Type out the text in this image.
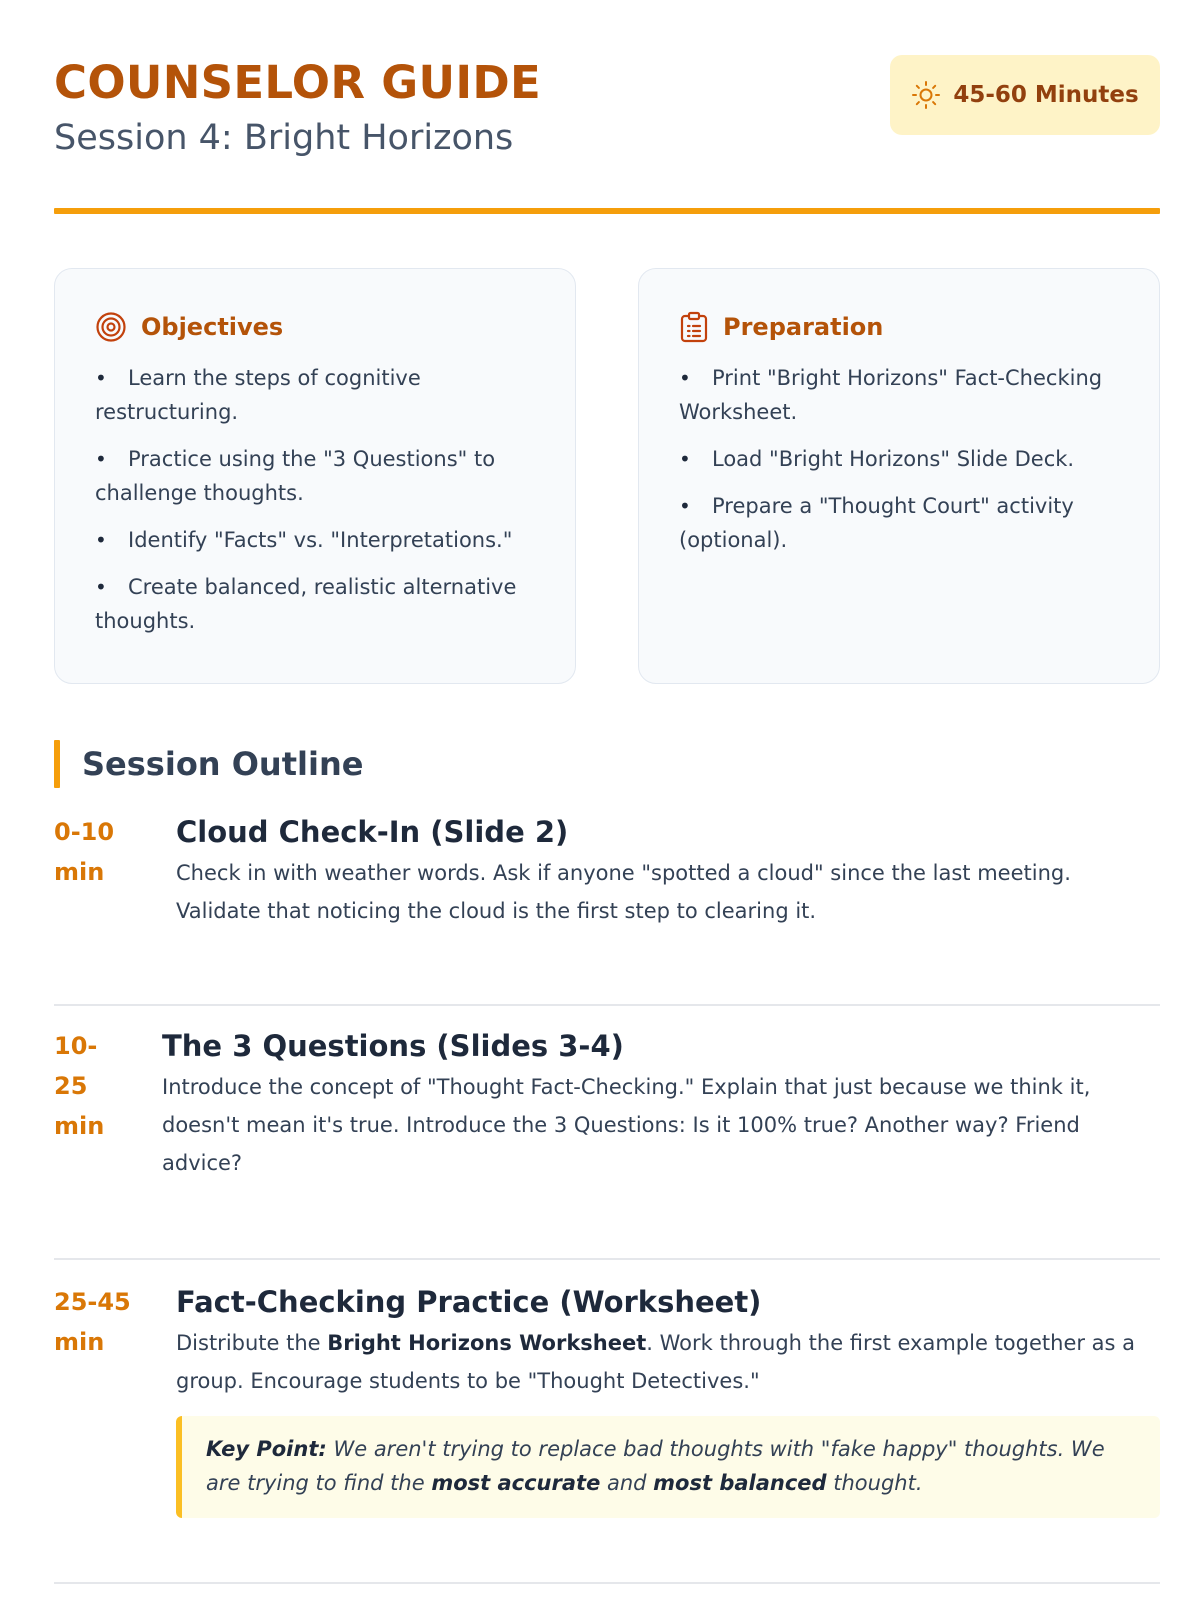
COUNSELOR GUIDE
Session 4: Bright Horizons
45-60 Minutes
Objectives
• Learn the steps of cognitive restructuring.
• Practice using the "3 Questions" to challenge thoughts.
• Identify "Facts" vs. "Interpretations."
• Create balanced, realistic alternative thoughts.
Preparation
• Print "Bright Horizons" Fact-Checking Worksheet.
• Load "Bright Horizons" Slide Deck.
• Prepare a "Thought Court" activity (optional).
Session Outline
0-10 min
Cloud Check-In (Slide 2)
Check in with weather words. Ask if anyone "spotted a cloud" since the last meeting. Validate that noticing the cloud is the first step to clearing it.
10-25 min
The 3 Questions (Slides 3-4)
Introduce the concept of "Thought Fact-Checking." Explain that just because we think it, doesn't mean it's true. Introduce the 3 Questions: Is it 100% true? Another way? Friend advice?
25-45 min
Fact-Checking Practice (Worksheet)
Distribute the Bright Horizons Worksheet. Work through the first example together as a group. Encourage students to be "Thought Detectives."
Key Point: We aren't trying to replace bad thoughts with "fake happy" thoughts. We are trying to find the most accurate and most balanced thought.
